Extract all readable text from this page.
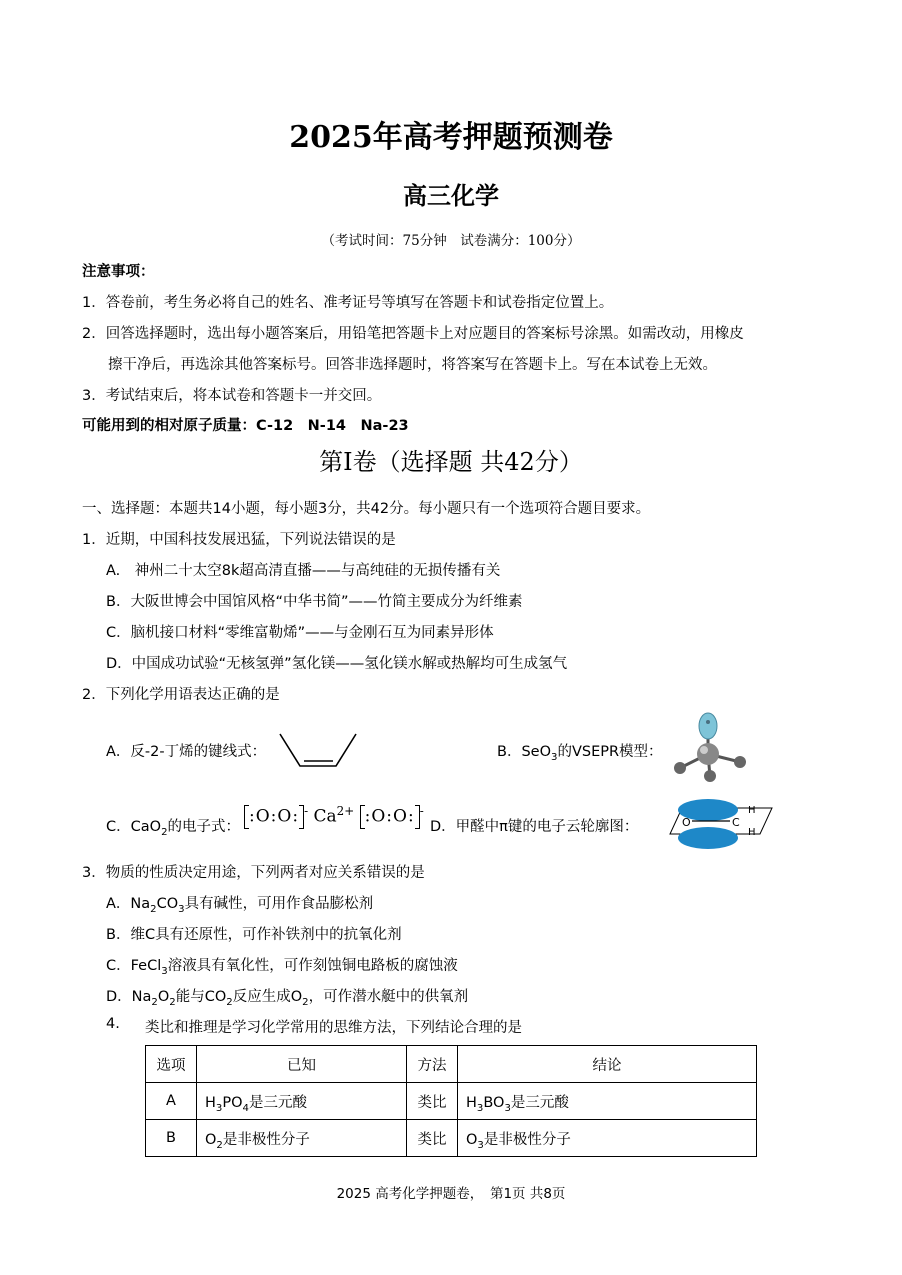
2025年高考押题预测卷
高三化学
（考试时间：75分钟　试卷满分：100分）
注意事项：
1．答卷前，考生务必将自己的姓名、准考证号等填写在答题卡和试卷指定位置上。
2．回答选择题时，选出每小题答案后，用铅笔把答题卡上对应题目的答案标号涂黑。如需改动，用橡皮
擦干净后，再选涂其他答案标号。回答非选择题时，将答案写在答题卡上。写在本试卷上无效。
3．考试结束后，将本试卷和答题卡一并交回。
可能用到的相对原子质量：C-12　N-14　Na-23
第Ⅰ卷（选择题 共42分）
一、选择题：本题共14小题，每小题3分，共42分。每小题只有一个选项符合题目要求。
1．近期，中国科技发展迅猛，下列说法错误的是
A.　神州二十太空8k超高清直播——与高纯硅的无损传播有关
B．大阪世博会中国馆风格“中华书简”——竹简主要成分为纤维素
C．脑机接口材料“零维富勒烯”——与金刚石互为同素异形体
D．中国成功试验“无核氢弹”氢化镁——氢化镁水解或热解均可生成氢气
2．下列化学用语表达正确的是
A．反-2-丁烯的键线式：	B．SeO$_3$的VSEPR模型：
C．CaO$_2$的电子式：
:O:O: - $Ca^{2+}$ :O:O: -
D．甲醛中π键的电子云轮廓图：	O	C
H
H
3．物质的性质决定用途，下列两者对应关系错误的是
A．$Na_2CO_3$具有碱性，可用作食品膨松剂
B．维C具有还原性，可作补铁剂中的抗氧化剂
C．FeCl$_3$溶液具有氧化性，可作刻蚀铜电路板的腐蚀液
D．$Na_2O_2$能与$CO_2$反应生成$O_2$，可作潜水艇中的供氧剂
4. 类比和推理是学习化学常用的思维方法，下列结论合理的是
选项	已知	方法	结论
A	$H_3PO_4$是三元酸	类比	$H_3BO_3$是三元酸
B	$O_2$是非极性分子	类比	$O_3$是非极性分子
2025 高考化学押题卷，　第1页 共8页
